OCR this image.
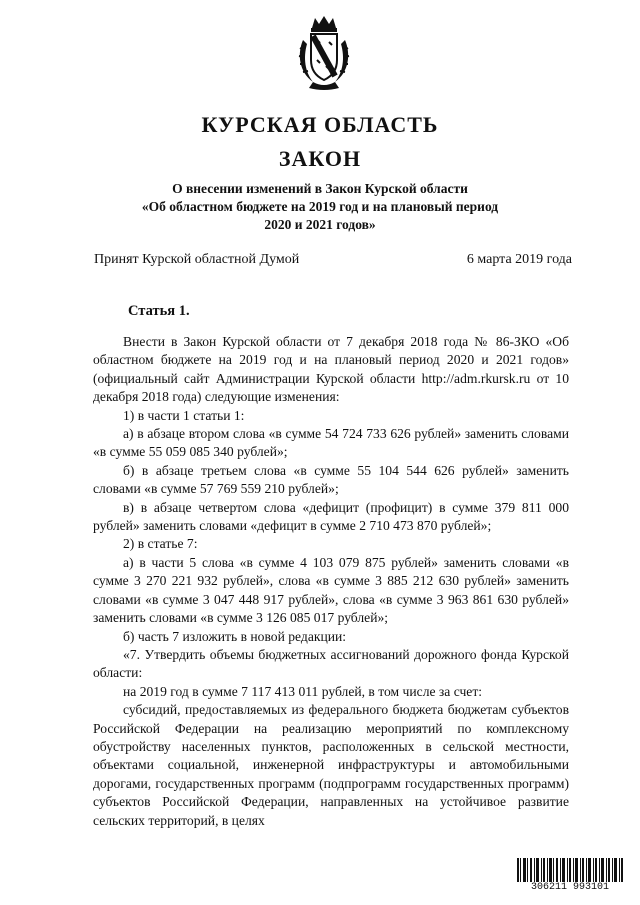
КУРСКАЯ ОБЛАСТЬ
ЗАКОН
О внесении изменений в Закон Курской области
«Об областном бюджете на 2019 год и на плановый период
2020 и 2021 годов»
Принят Курской областной Думой	6 марта 2019 года
Статья 1.

Внести в Закон Курской области от 7 декабря 2018 года № 86-ЗКО «Об областном бюджете на 2019 год и на плановый период 2020 и 2021 годов» (официальный сайт Администрации Курской области http://adm.rkursk.ru от 10 декабря 2018 года) следующие изменения:

1) в части 1 статьи 1:

а) в абзаце втором слова «в сумме 54 724 733 626 рублей» заменить словами «в сумме 55 059 085 340 рублей»;

б) в абзаце третьем слова «в сумме 55 104 544 626 рублей» заменить словами «в сумме 57 769 559 210 рублей»;

в) в абзаце четвертом слова «дефицит (профицит) в сумме 379 811 000 рублей» заменить словами «дефицит в сумме 2 710 473 870 рублей»;

2) в статье 7:

а) в части 5 слова «в сумме 4 103 079 875 рублей» заменить словами «в сумме 3 270 221 932 рублей», слова «в сумме 3 885 212 630 рублей» заменить словами «в сумме 3 047 448 917 рублей», слова «в сумме 3 963 861 630 рублей» заменить словами «в сумме 3 126 085 017 рублей»;

б) часть 7 изложить в новой редакции:

«7. Утвердить объемы бюджетных ассигнований дорожного фонда Курской области:

на 2019 год в сумме 7 117 413 011 рублей, в том числе за счет:

субсидий, предоставляемых из федерального бюджета бюджетам субъектов Российской Федерации на реализацию мероприятий по комплексному обустройству населенных пунктов, расположенных в сельской местности, объектами социальной, инженерной инфраструктуры и автомобильными дорогами, государственных программ (подпрограмм государственных программ) субъектов Российской Федерации, направленных на устойчивое развитие сельских территорий, в целях

306211 993101
